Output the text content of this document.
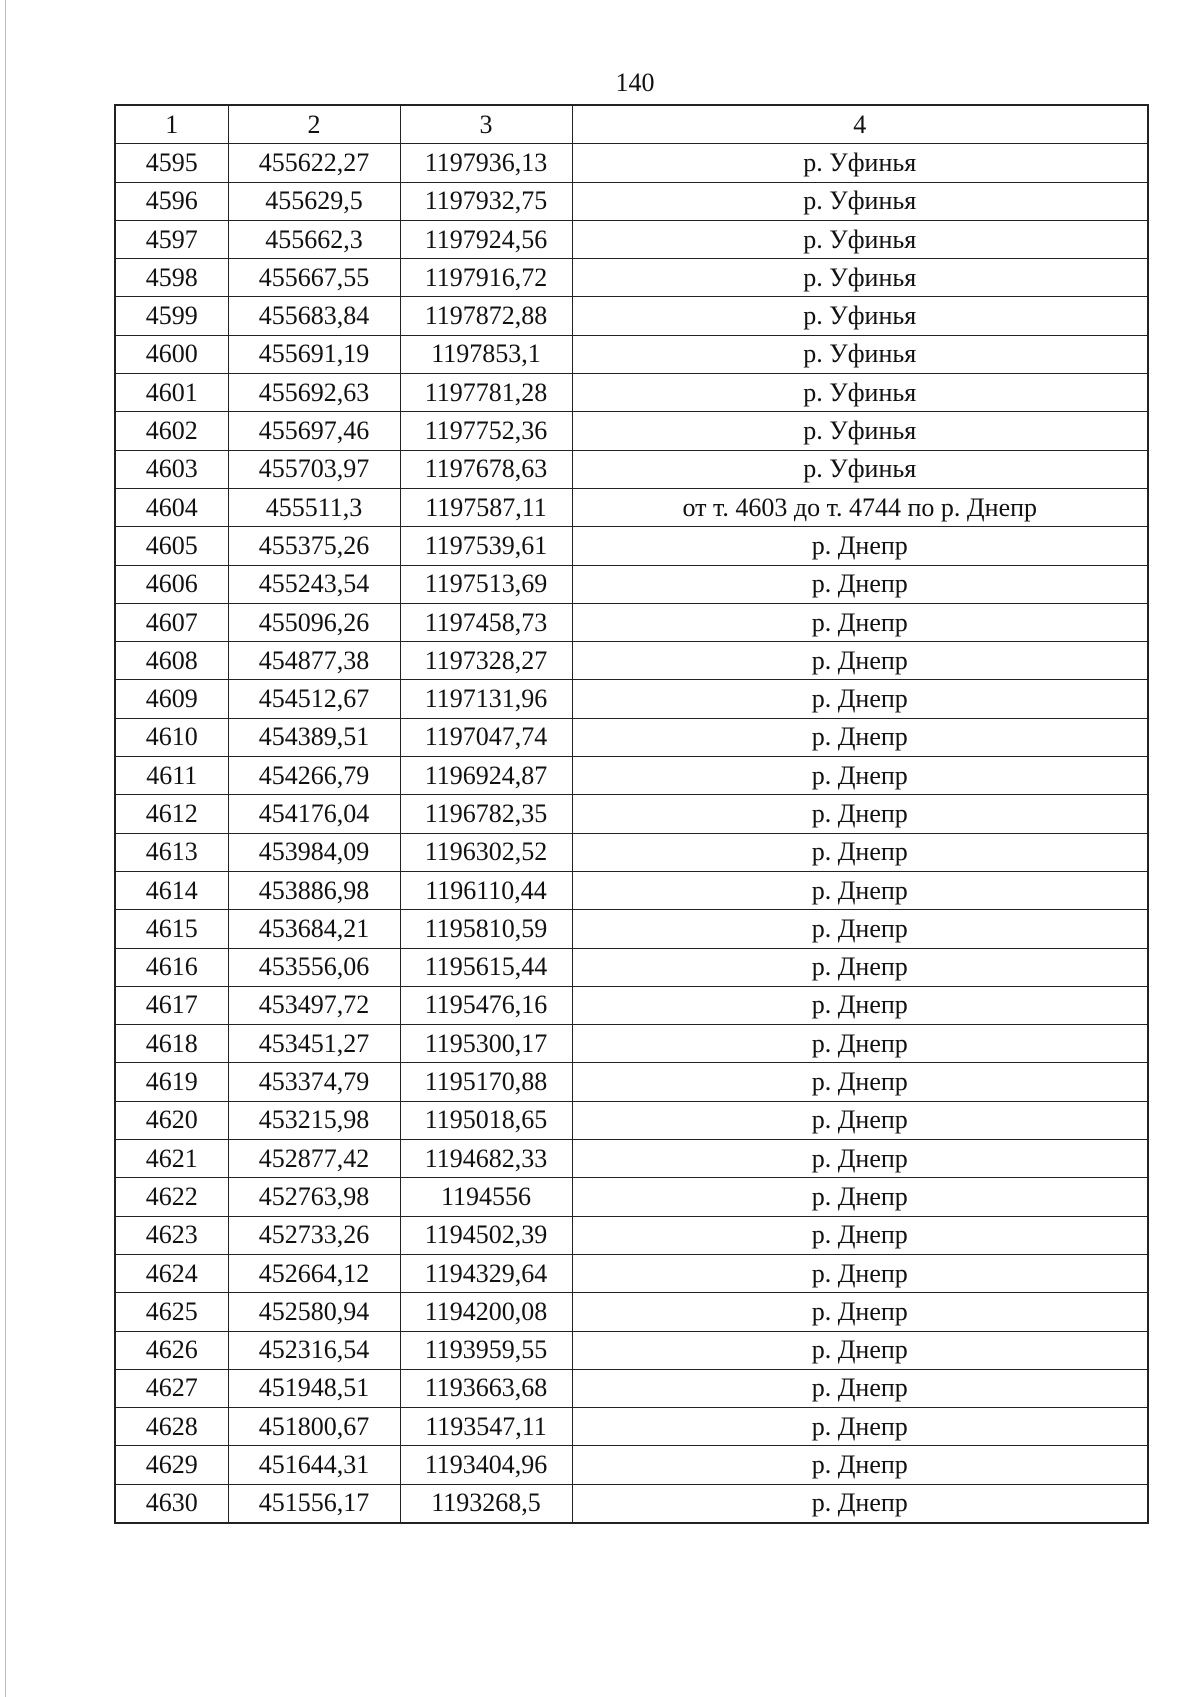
140
1	2	3	4
4595	455622,27	1197936,13	р. Уфинья
4596	455629,5	1197932,75	р. Уфинья
4597	455662,3	1197924,56	р. Уфинья
4598	455667,55	1197916,72	р. Уфинья
4599	455683,84	1197872,88	р. Уфинья
4600	455691,19	1197853,1	р. Уфинья
4601	455692,63	1197781,28	р. Уфинья
4602	455697,46	1197752,36	р. Уфинья
4603	455703,97	1197678,63	р. Уфинья
4604	455511,3	1197587,11	от т. 4603 до т. 4744 по р. Днепр
4605	455375,26	1197539,61	р. Днепр
4606	455243,54	1197513,69	р. Днепр
4607	455096,26	1197458,73	р. Днепр
4608	454877,38	1197328,27	р. Днепр
4609	454512,67	1197131,96	р. Днепр
4610	454389,51	1197047,74	р. Днепр
4611	454266,79	1196924,87	р. Днепр
4612	454176,04	1196782,35	р. Днепр
4613	453984,09	1196302,52	р. Днепр
4614	453886,98	1196110,44	р. Днепр
4615	453684,21	1195810,59	р. Днепр
4616	453556,06	1195615,44	р. Днепр
4617	453497,72	1195476,16	р. Днепр
4618	453451,27	1195300,17	р. Днепр
4619	453374,79	1195170,88	р. Днепр
4620	453215,98	1195018,65	р. Днепр
4621	452877,42	1194682,33	р. Днепр
4622	452763,98	1194556	р. Днепр
4623	452733,26	1194502,39	р. Днепр
4624	452664,12	1194329,64	р. Днепр
4625	452580,94	1194200,08	р. Днепр
4626	452316,54	1193959,55	р. Днепр
4627	451948,51	1193663,68	р. Днепр
4628	451800,67	1193547,11	р. Днепр
4629	451644,31	1193404,96	р. Днепр
4630	451556,17	1193268,5	р. Днепр
